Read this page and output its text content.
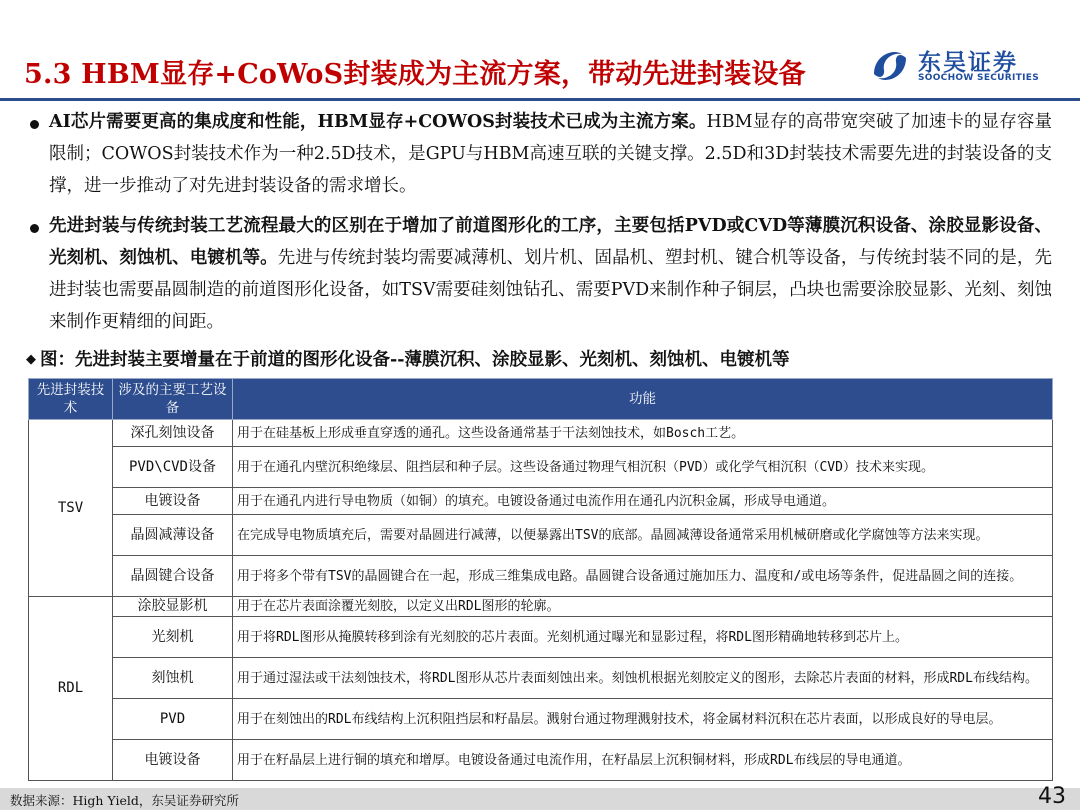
5.3 HBM显存+CoWoS封装成为主流方案，带动先进封装设备	东吴证券
SOOCHOW SECURITIES

AI芯片需要更高的集成度和性能，HBM显存+COWOS封装技术已成为主流方案。HBM显存的高带宽突破了加速卡的显存容量限制；COWOS封装技术作为一种2.5D技术，是GPU与HBM高速互联的关键支撑。2.5D和3D封装技术需要先进的封装设备的支撑，进一步推动了对先进封装设备的需求增长。

先进封装与传统封装工艺流程最大的区别在于增加了前道图形化的工序，主要包括PVD或CVD等薄膜沉积设备、涂胶显影设备、光刻机、刻蚀机、电镀机等。先进与传统封装均需要减薄机、划片机、固晶机、塑封机、键合机等设备，与传统封装不同的是，先进封装也需要晶圆制造的前道图形化设备，如TSV需要硅刻蚀钻孔、需要PVD来制作种子铜层，凸块也需要涂胶显影、光刻、刻蚀来制作更精细的间距。

◆ 图：先进封装主要增量在于前道的图形化设备--薄膜沉积、涂胶显影、光刻机、刻蚀机、电镀机等
先进封装技术	涉及的主要工艺设备	功能
TSV	深孔刻蚀设备	用于在硅基板上形成垂直穿透的通孔。这些设备通常基于干法刻蚀技术，如Bosch工艺。
	PVD\CVD设备	用于在通孔内壁沉积绝缘层、阻挡层和种子层。这些设备通过物理气相沉积（PVD）或化学气相沉积（CVD）技术来实现。
	电镀设备	用于在通孔内进行导电物质（如铜）的填充。电镀设备通过电流作用在通孔内沉积金属，形成导电通道。
	晶圆减薄设备	在完成导电物质填充后，需要对晶圆进行减薄，以便暴露出TSV的底部。晶圆减薄设备通常采用机械研磨或化学腐蚀等方法来实现。
	晶圆键合设备	用于将多个带有TSV的晶圆键合在一起，形成三维集成电路。晶圆键合设备通过施加压力、温度和/或电场等条件，促进晶圆之间的连接。
RDL	涂胶显影机	用于在芯片表面涂覆光刻胶，以定义出RDL图形的轮廓。
	光刻机	用于将RDL图形从掩膜转移到涂有光刻胶的芯片表面。光刻机通过曝光和显影过程，将RDL图形精确地转移到芯片上。
	刻蚀机	用于通过湿法或干法刻蚀技术，将RDL图形从芯片表面刻蚀出来。刻蚀机根据光刻胶定义的图形，去除芯片表面的材料，形成RDL布线结构。
	PVD	用于在刻蚀出的RDL布线结构上沉积阻挡层和籽晶层。溅射台通过物理溅射技术，将金属材料沉积在芯片表面，以形成良好的导电层。
	电镀设备	用于在籽晶层上进行铜的填充和增厚。电镀设备通过电流作用，在籽晶层上沉积铜材料，形成RDL布线层的导电通道。
数据来源：High Yield，东吴证券研究所	43
